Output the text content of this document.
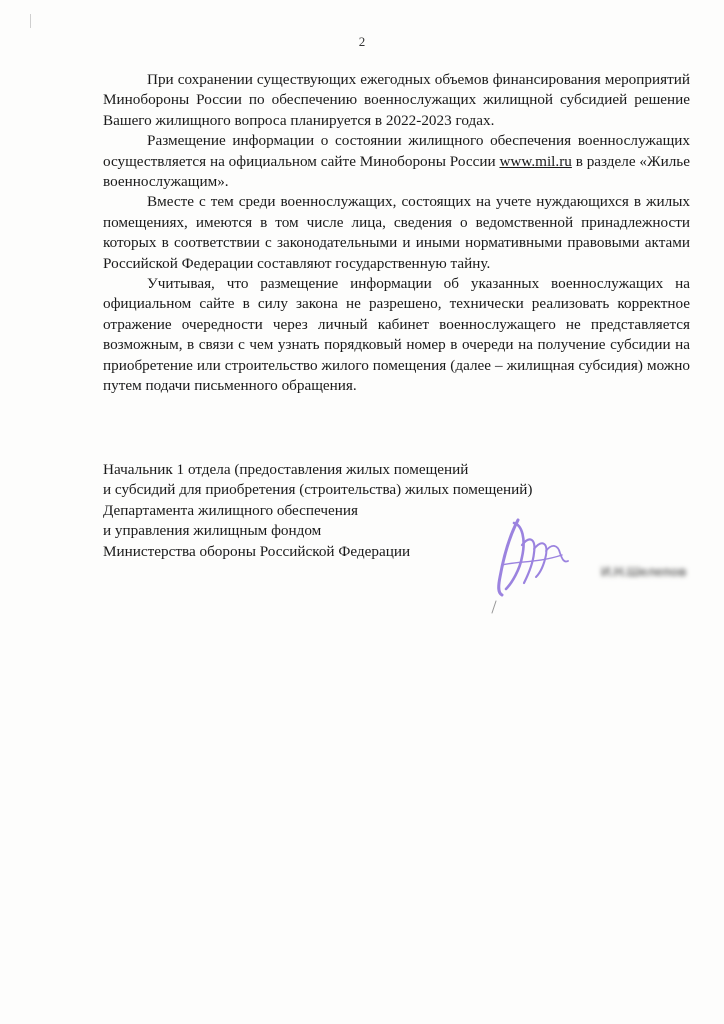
2

При сохранении существующих ежегодных объемов финансирования мероприятий Минобороны России по обеспечению военнослужащих жилищной субсидией решение Вашего жилищного вопроса планируется в 2022-2023 годах.

Размещение информации о состоянии жилищного обеспечения военнослужащих осуществляется на официальном сайте Минобороны России www.mil.ru в разделе «Жилье военнослужащим».

Вместе с тем среди военнослужащих, состоящих на учете нуждающихся в жилых помещениях, имеются в том числе лица, сведения о ведомственной принадлежности которых в соответствии с законодательными и иными нормативными правовыми актами Российской Федерации составляют государственную тайну.

Учитывая, что размещение информации об указанных военнослужащих на официальном сайте в силу закона не разрешено, технически реализовать корректное отражение очередности через личный кабинет военнослужащего не представляется возможным, в связи с чем узнать порядковый номер в очереди на получение субсидии на приобретение или строительство жилого помещения (далее – жилищная субсидия) можно путем подачи письменного обращения.

Начальник 1 отдела (предоставления жилых помещений
и субсидий для приобретения (строительства) жилых помещений)
Департамента жилищного обеспечения
и управления жилищным фондом
Министерства обороны Российской Федерации
И.Н.Шелепов
